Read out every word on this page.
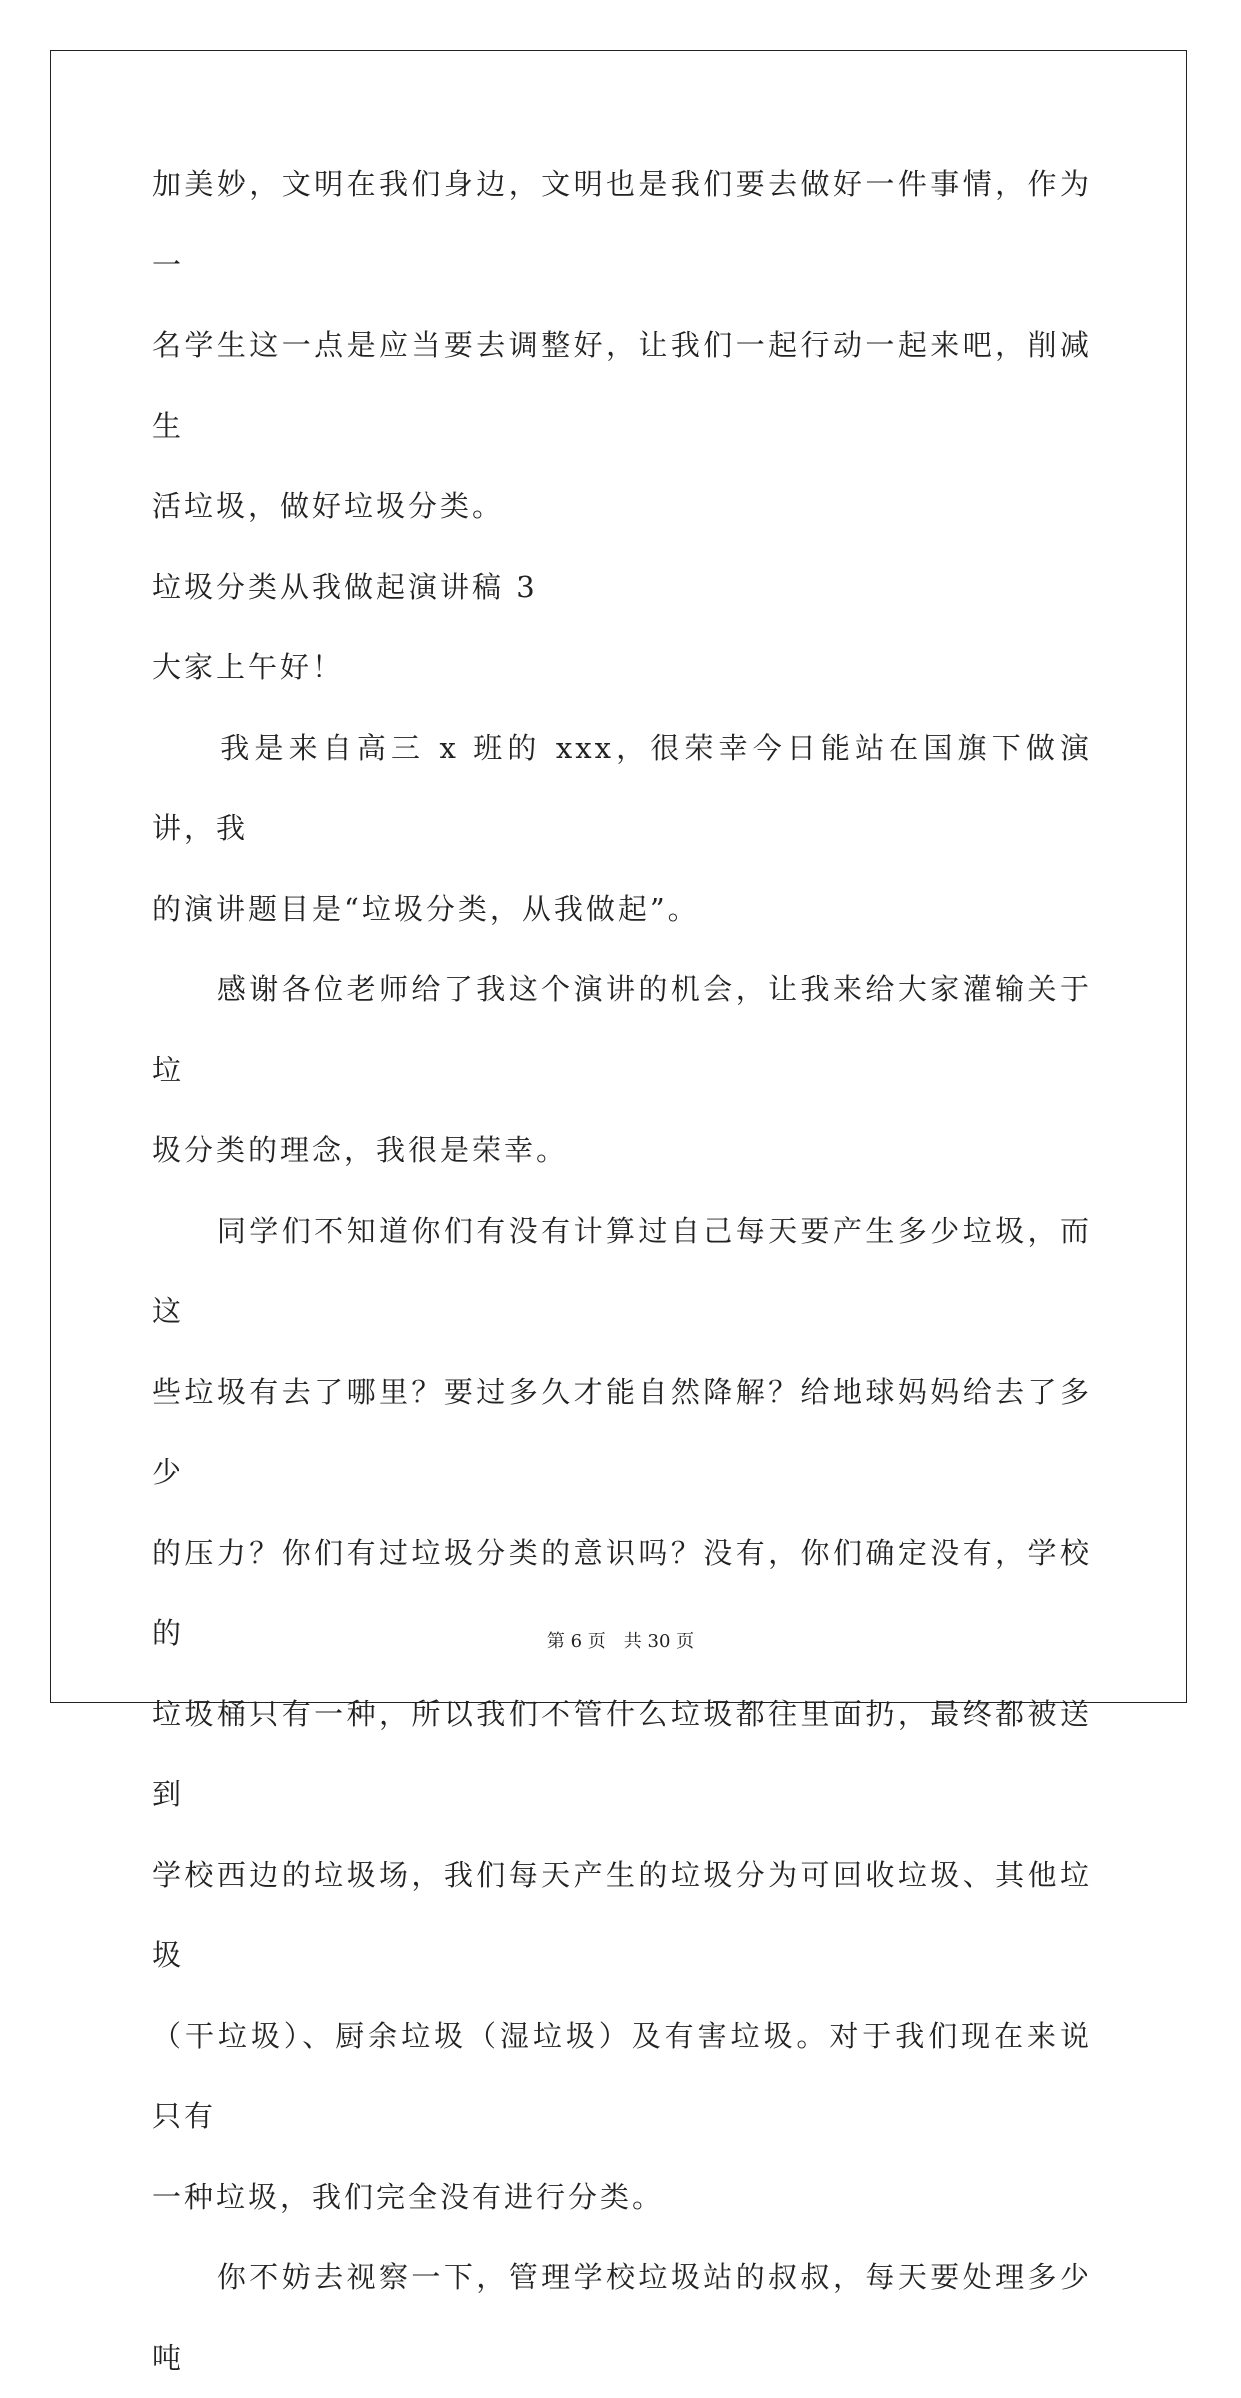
加美妙，文明在我们身边，文明也是我们要去做好一件事情，作为一

名学生这一点是应当要去调整好，让我们一起行动一起来吧，削减生

活垃圾，做好垃圾分类。

垃圾分类从我做起演讲稿 3

大家上午好！

　　我是来自高三 x 班的 xxx，很荣幸今日能站在国旗下做演讲，我

的演讲题目是“垃圾分类，从我做起”。

　　感谢各位老师给了我这个演讲的机会，让我来给大家灌输关于垃

圾分类的理念，我很是荣幸。

　　同学们不知道你们有没有计算过自己每天要产生多少垃圾，而这

些垃圾有去了哪里？要过多久才能自然降解？给地球妈妈给去了多少

的压力？你们有过垃圾分类的意识吗？没有，你们确定没有，学校的

垃圾桶只有一种，所以我们不管什么垃圾都往里面扔，最终都被送到

学校西边的垃圾场，我们每天产生的垃圾分为可回收垃圾、其他垃圾

（干垃圾）、厨余垃圾（湿垃圾）及有害垃圾。对于我们现在来说只有

一种垃圾，我们完全没有进行分类。

　　你不妨去视察一下，管理学校垃圾站的叔叔，每天要处理多少吨

第 6 页 共 30 页
